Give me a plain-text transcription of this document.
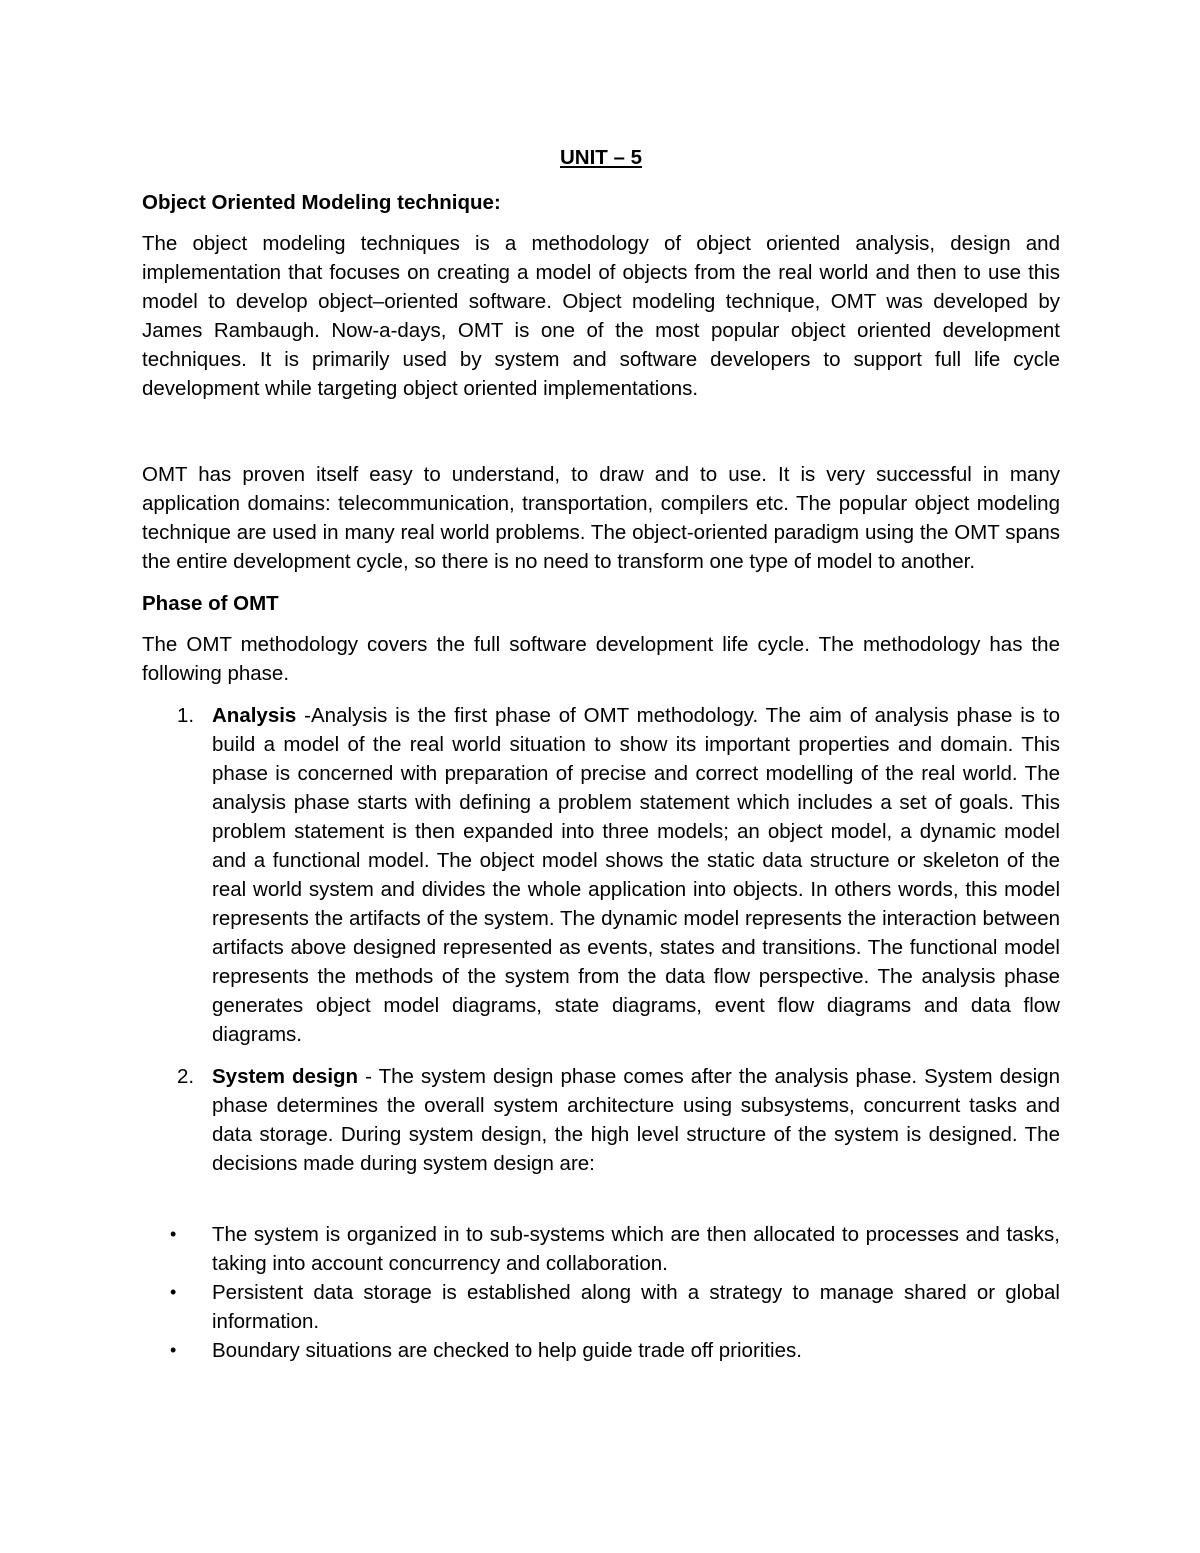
UNIT – 5
Object Oriented Modeling technique:

The object modeling techniques is a methodology of object oriented analysis, design and implementation that focuses on creating a model of objects from the real world and then to use this model to develop object–oriented software. Object modeling technique, OMT was developed by James Rambaugh. Now-a-days, OMT is one of the most popular object oriented development techniques. It is primarily used by system and software developers to support full life cycle development while targeting object oriented implementations.

OMT has proven itself easy to understand, to draw and to use. It is very successful in many application domains: telecommunication, transportation, compilers etc. The popular object modeling technique are used in many real world problems. The object-oriented paradigm using the OMT spans the entire development cycle, so there is no need to transform one type of model to another.

Phase of OMT

The OMT methodology covers the full software development life cycle. The methodology has the following phase.

1. Analysis -Analysis is the first phase of OMT methodology. The aim of analysis phase is to build a model of the real world situation to show its important properties and domain. This phase is concerned with preparation of precise and correct modelling of the real world. The analysis phase starts with defining a problem statement which includes a set of goals. This problem statement is then expanded into three models; an object model, a dynamic model and a functional model. The object model shows the static data structure or skeleton of the real world system and divides the whole application into objects. In others words, this model represents the artifacts of the system. The dynamic model represents the interaction between artifacts above designed represented as events, states and transitions. The functional model represents the methods of the system from the data flow perspective. The analysis phase generates object model diagrams, state diagrams, event flow diagrams and data flow diagrams.
2. System design - The system design phase comes after the analysis phase. System design phase determines the overall system architecture using subsystems, concurrent tasks and data storage. During system design, the high level structure of the system is designed. The decisions made during system design are:
• The system is organized in to sub-systems which are then allocated to processes and tasks, taking into account concurrency and collaboration.
• Persistent data storage is established along with a strategy to manage shared or global information.
• Boundary situations are checked to help guide trade off priorities.
